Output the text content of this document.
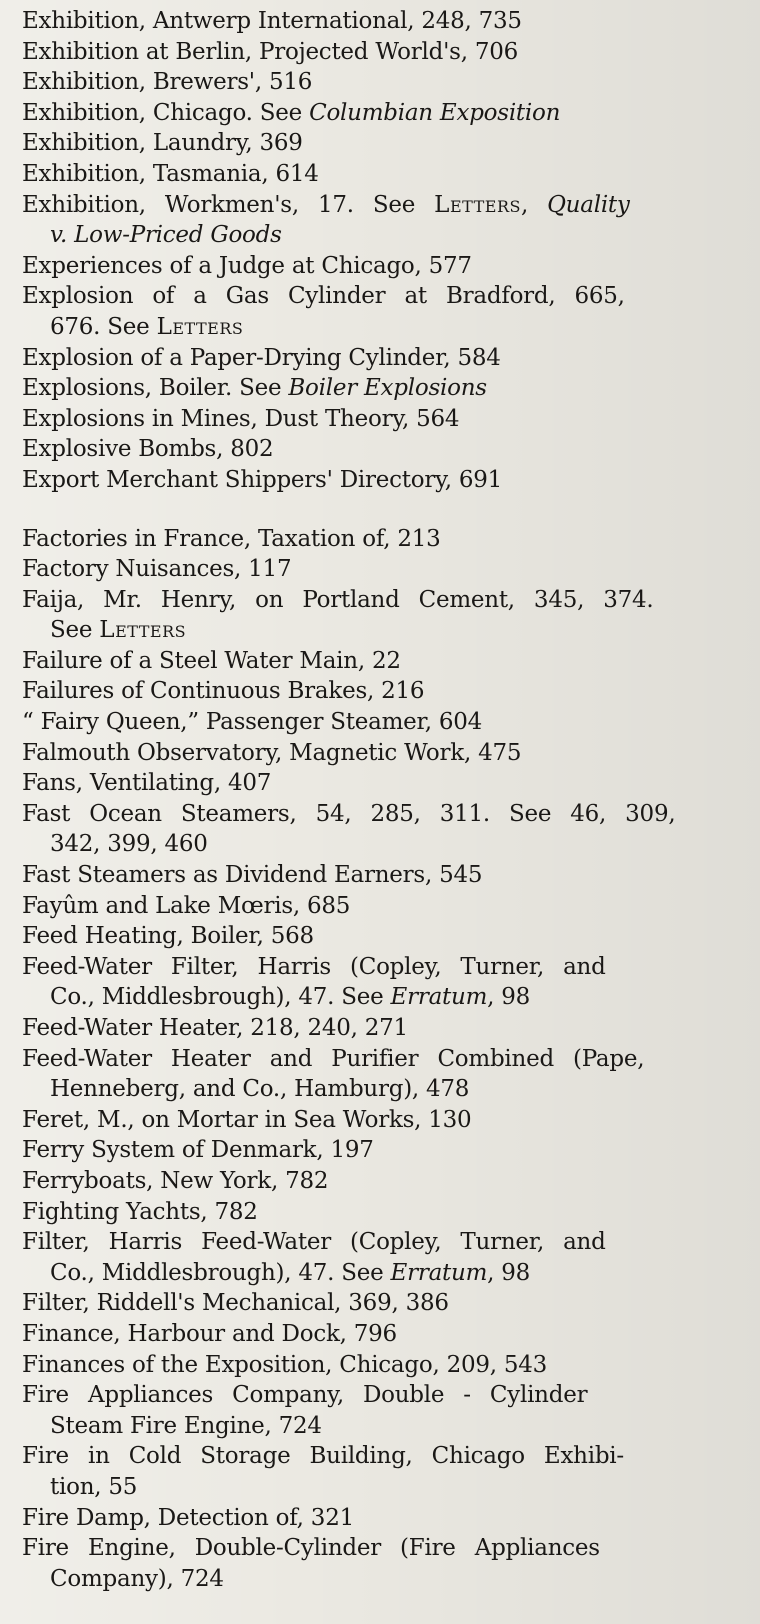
Exhibition, Antwerp International, 248, 735
Exhibition at Berlin, Projected World's, 706
Exhibition, Brewers', 516
Exhibition, Chicago. See Columbian Exposition
Exhibition, Laundry, 369
Exhibition, Tasmania, 614
Exhibition, Workmen's, 17. See Letters, Quality
v. Low-Priced Goods
Experiences of a Judge at Chicago, 577
Explosion of a Gas Cylinder at Bradford, 665,
676. See Letters
Explosion of a Paper-Drying Cylinder, 584
Explosions, Boiler. See Boiler Explosions
Explosions in Mines, Dust Theory, 564
Explosive Bombs, 802
Export Merchant Shippers' Directory, 691
Factories in France, Taxation of, 213
Factory Nuisances, 117
Faija, Mr. Henry, on Portland Cement, 345, 374.
See Letters
Failure of a Steel Water Main, 22
Failures of Continuous Brakes, 216
“ Fairy Queen,” Passenger Steamer, 604
Falmouth Observatory, Magnetic Work, 475
Fans, Ventilating, 407
Fast Ocean Steamers, 54, 285, 311. See 46, 309,
342, 399, 460
Fast Steamers as Dividend Earners, 545
Fayûm and Lake Mœris, 685
Feed Heating, Boiler, 568
Feed-Water Filter, Harris (Copley, Turner, and
Co., Middlesbrough), 47. See Erratum, 98
Feed-Water Heater, 218, 240, 271
Feed-Water Heater and Purifier Combined (Pape,
Henneberg, and Co., Hamburg), 478
Feret, M., on Mortar in Sea Works, 130
Ferry System of Denmark, 197
Ferryboats, New York, 782
Fighting Yachts, 782
Filter, Harris Feed-Water (Copley, Turner, and
Co., Middlesbrough), 47. See Erratum, 98
Filter, Riddell's Mechanical, 369, 386
Finance, Harbour and Dock, 796
Finances of the Exposition, Chicago, 209, 543
Fire Appliances Company, Double - Cylinder
Steam Fire Engine, 724
Fire in Cold Storage Building, Chicago Exhibi-
tion, 55
Fire Damp, Detection of, 321
Fire Engine, Double-Cylinder (Fire Appliances
Company), 724
